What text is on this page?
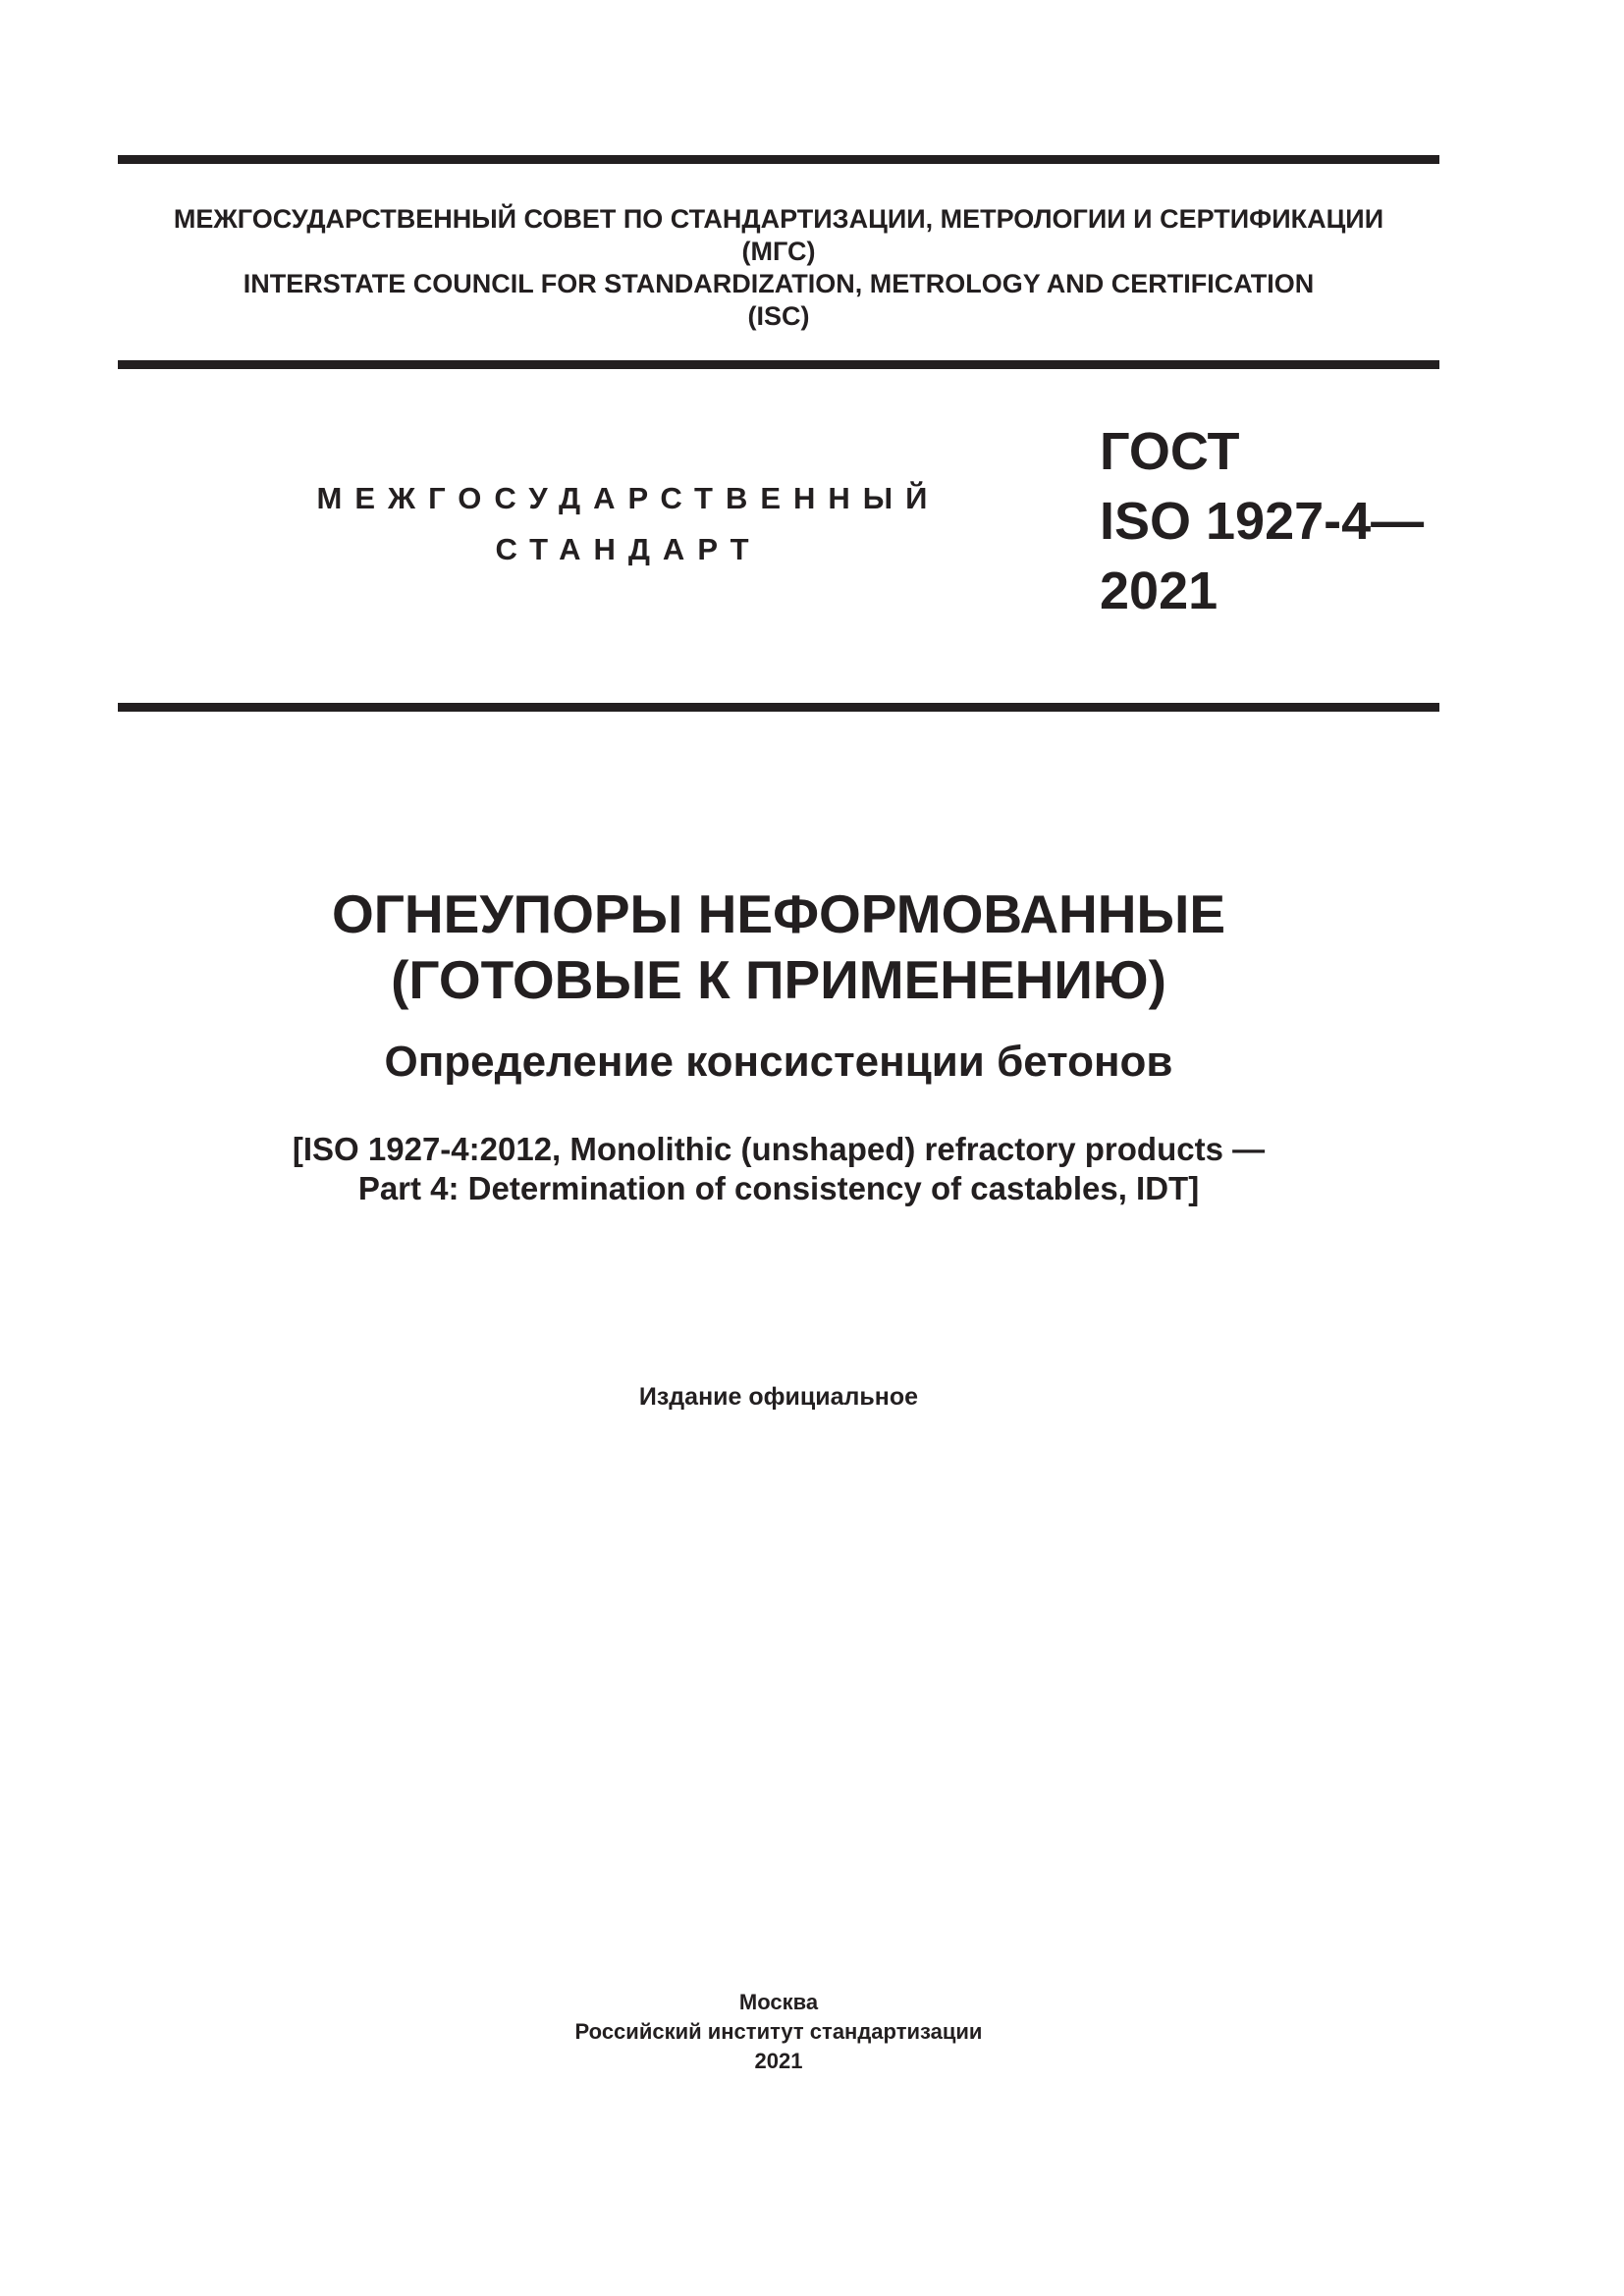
МЕЖГОСУДАРСТВЕННЫЙ СОВЕТ ПО СТАНДАРТИЗАЦИИ, МЕТРОЛОГИИ И СЕРТИФИКАЦИИ
(МГС)
INTERSTATE COUNCIL FOR STANDARDIZATION, METROLOGY AND CERTIFICATION
(ISC)
МЕЖГОСУДАРСТВЕННЫЙ
СТАНДАРТ
ГОСТ
ISO 1927-4—
2021
ОГНЕУПОРЫ НЕФОРМОВАННЫЕ
(ГОТОВЫЕ К ПРИМЕНЕНИЮ)
Определение консистенции бетонов
[ISO 1927-4:2012, Monolithic (unshaped) refractory products —
Part 4: Determination of consistency of castables, IDT]
Издание официальное
Москва
Российский институт стандартизации
2021
